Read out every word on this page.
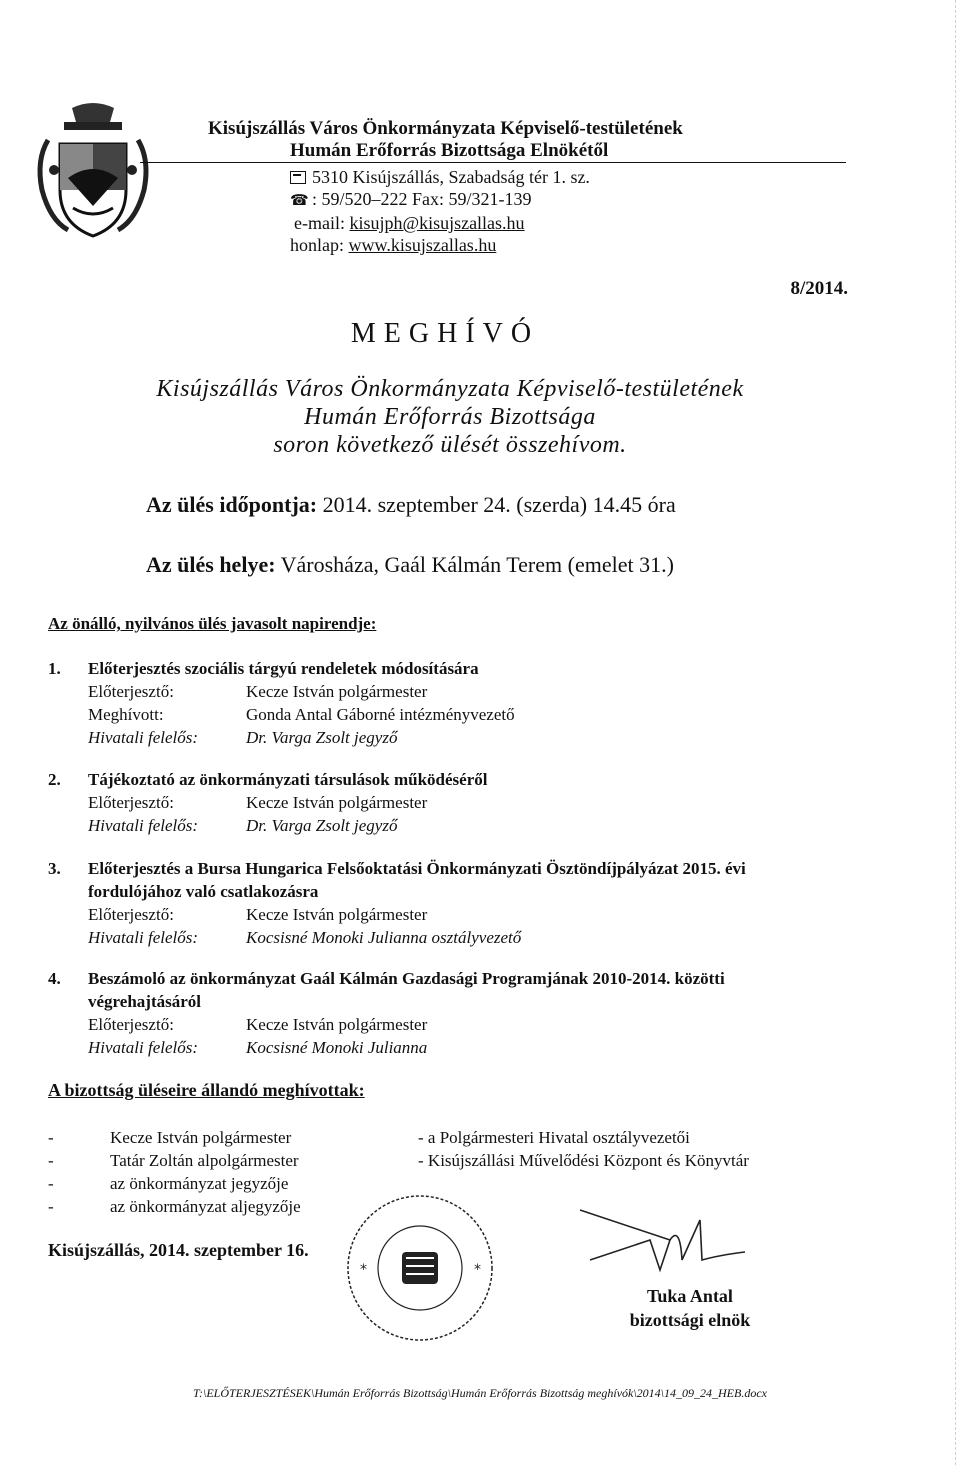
Kisújszállás Város Önkormányzata Képviselő-testületének
Humán Erőforrás Bizottsága Elnökétől
5310 Kisújszállás, Szabadság tér 1. sz.
☎ : 59/520–222 Fax: 59/321-139
e-mail: kisujph@kisujszallas.hu
honlap: www.kisujszallas.hu
8/2014.
MEGHÍVÓ
Kisújszállás Város Önkormányzata Képviselő-testületének
Humán Erőforrás Bizottsága
soron következő ülését összehívom.
Az ülés időpontja: 2014. szeptember 24. (szerda) 14.45 óra
Az ülés helye: Városháza, Gaál Kálmán Terem (emelet 31.)
Az önálló, nyilvános ülés javasolt napirendje:
1. Előterjesztés szociális tárgyú rendeletek módosítására
Előterjesztő:	Kecze István polgármester
Meghívott:	Gonda Antal Gáborné intézményvezető
Hivatali felelős:	Dr. Varga Zsolt jegyző
2. Tájékoztató az önkormányzati társulások működéséről
Előterjesztő:	Kecze István polgármester
Hivatali felelős:	Dr. Varga Zsolt jegyző
3. Előterjesztés a Bursa Hungarica Felsőoktatási Önkormányzati Ösztöndíjpályázat 2015. évi
fordulójához való csatlakozásra
Előterjesztő:	Kecze István polgármester
Hivatali felelős:	Kocsisné Monoki Julianna osztályvezető
4. Beszámoló az önkormányzat Gaál Kálmán Gazdasági Programjának 2010-2014. közötti
végrehajtásáról
Előterjesztő:	Kecze István polgármester
Hivatali felelős:	Kocsisné Monoki Julianna
A bizottság üléseire állandó meghívottak:
-	Kecze István polgármester
-	Tatár Zoltán alpolgármester
-	az önkormányzat jegyzője
-	az önkormányzat aljegyzője
- a Polgármesteri Hivatal osztályvezetői
- Kisújszállási Művelődési Központ és Könyvtár
Kisújszállás, 2014. szeptember 16.
*	*
Tuka Antal
bizottsági elnök
T:\ELŐTERJESZTÉSEK\Humán Erőforrás Bizottság\Humán Erőforrás Bizottság meghívók\2014\14_09_24_HEB.docx
